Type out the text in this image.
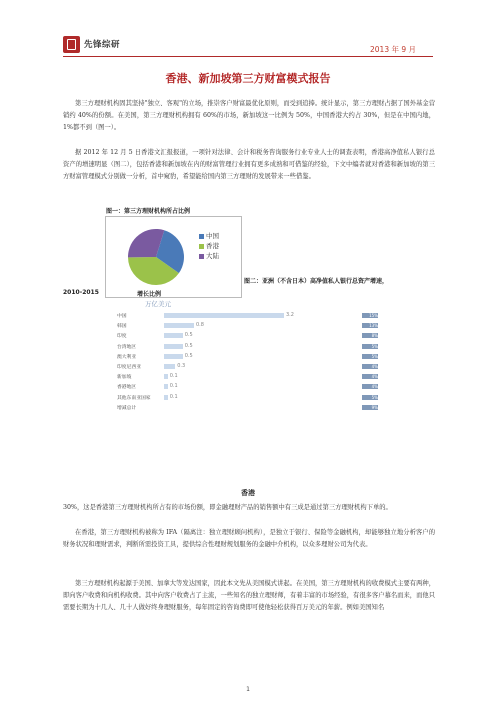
先锋综研	2013 年 9 月
香港、新加坡第三方财富模式报告
第三方理财机构固其坚持"独立、客观"的立场，推崇客户财富最优化原则，而受到追捧。统计显示，第三方理财占据了国外基金营销约 40%的份额。在美国，第三方理财机构拥有 60%的市场，新加坡这一比例为 50%，中国香港大约占 30%，但是在中国内地，1%都不到（图一）。
据 2012 年 12 月 5 日香港文汇报报道，一项针对法律、会计和税务咨询服务行业专业人士的调查表明，香港高净值私人银行总资产的增速明显（图二），包括香港和新加坡在内的财富管理行业拥有更多成熟和可借鉴的经验，下文中编者就对香港和新加坡的第三方财富管理模式分别做一分析，首中窥豹，希望能给国内第三方理财的发展带来一些借鉴。
图一：第三方理财机构所占比例
中国
香港
大陆
图二：亚洲（不含日本）高净值私人银行总资产增速，
2010-2015	增长比例
万亿美元
中国	3.2	15%
韩国	0.8	13%
印度	0.5	8%
台湾地区	0.5	5%
澳大利亚	0.5	5%
印度尼西亚	0.3	4%
新加坡	0.1	4%
香港地区	0.1	4%
其他东南亚国家	0.1	5%
增减总计	9%
香港
30%，这是香港第三方理财机构所占有的市场份额，即金融理财产品的销售额中有三成是通过第三方理财机构下单的。
在香港，第三方理财机构被称为 IFA（隔离注：独立理财顾问机构），是独立于银行、保险等金融机构，却能够独立地分析客户的财务状况和理财需求，判断所需投资工具，提供综合性理财规划服务的金融中介机构，以众多理财公司为代表。
第三方理财机构起源于美国、加拿大等发达国家，因此本文先从美国模式讲起。在美国，第三方理财机构的收费模式主要有两种，即向客户收费和向机构收费。其中向客户收费占了主流，一些知名的独立理财师，有着丰富的市场经验，有很多客户慕名而来，而他只需要长期为十几人、几十人做好终身理财服务，每年固定的咨询费即可使他轻松获得百万美元的年薪。例如美国知名
1
